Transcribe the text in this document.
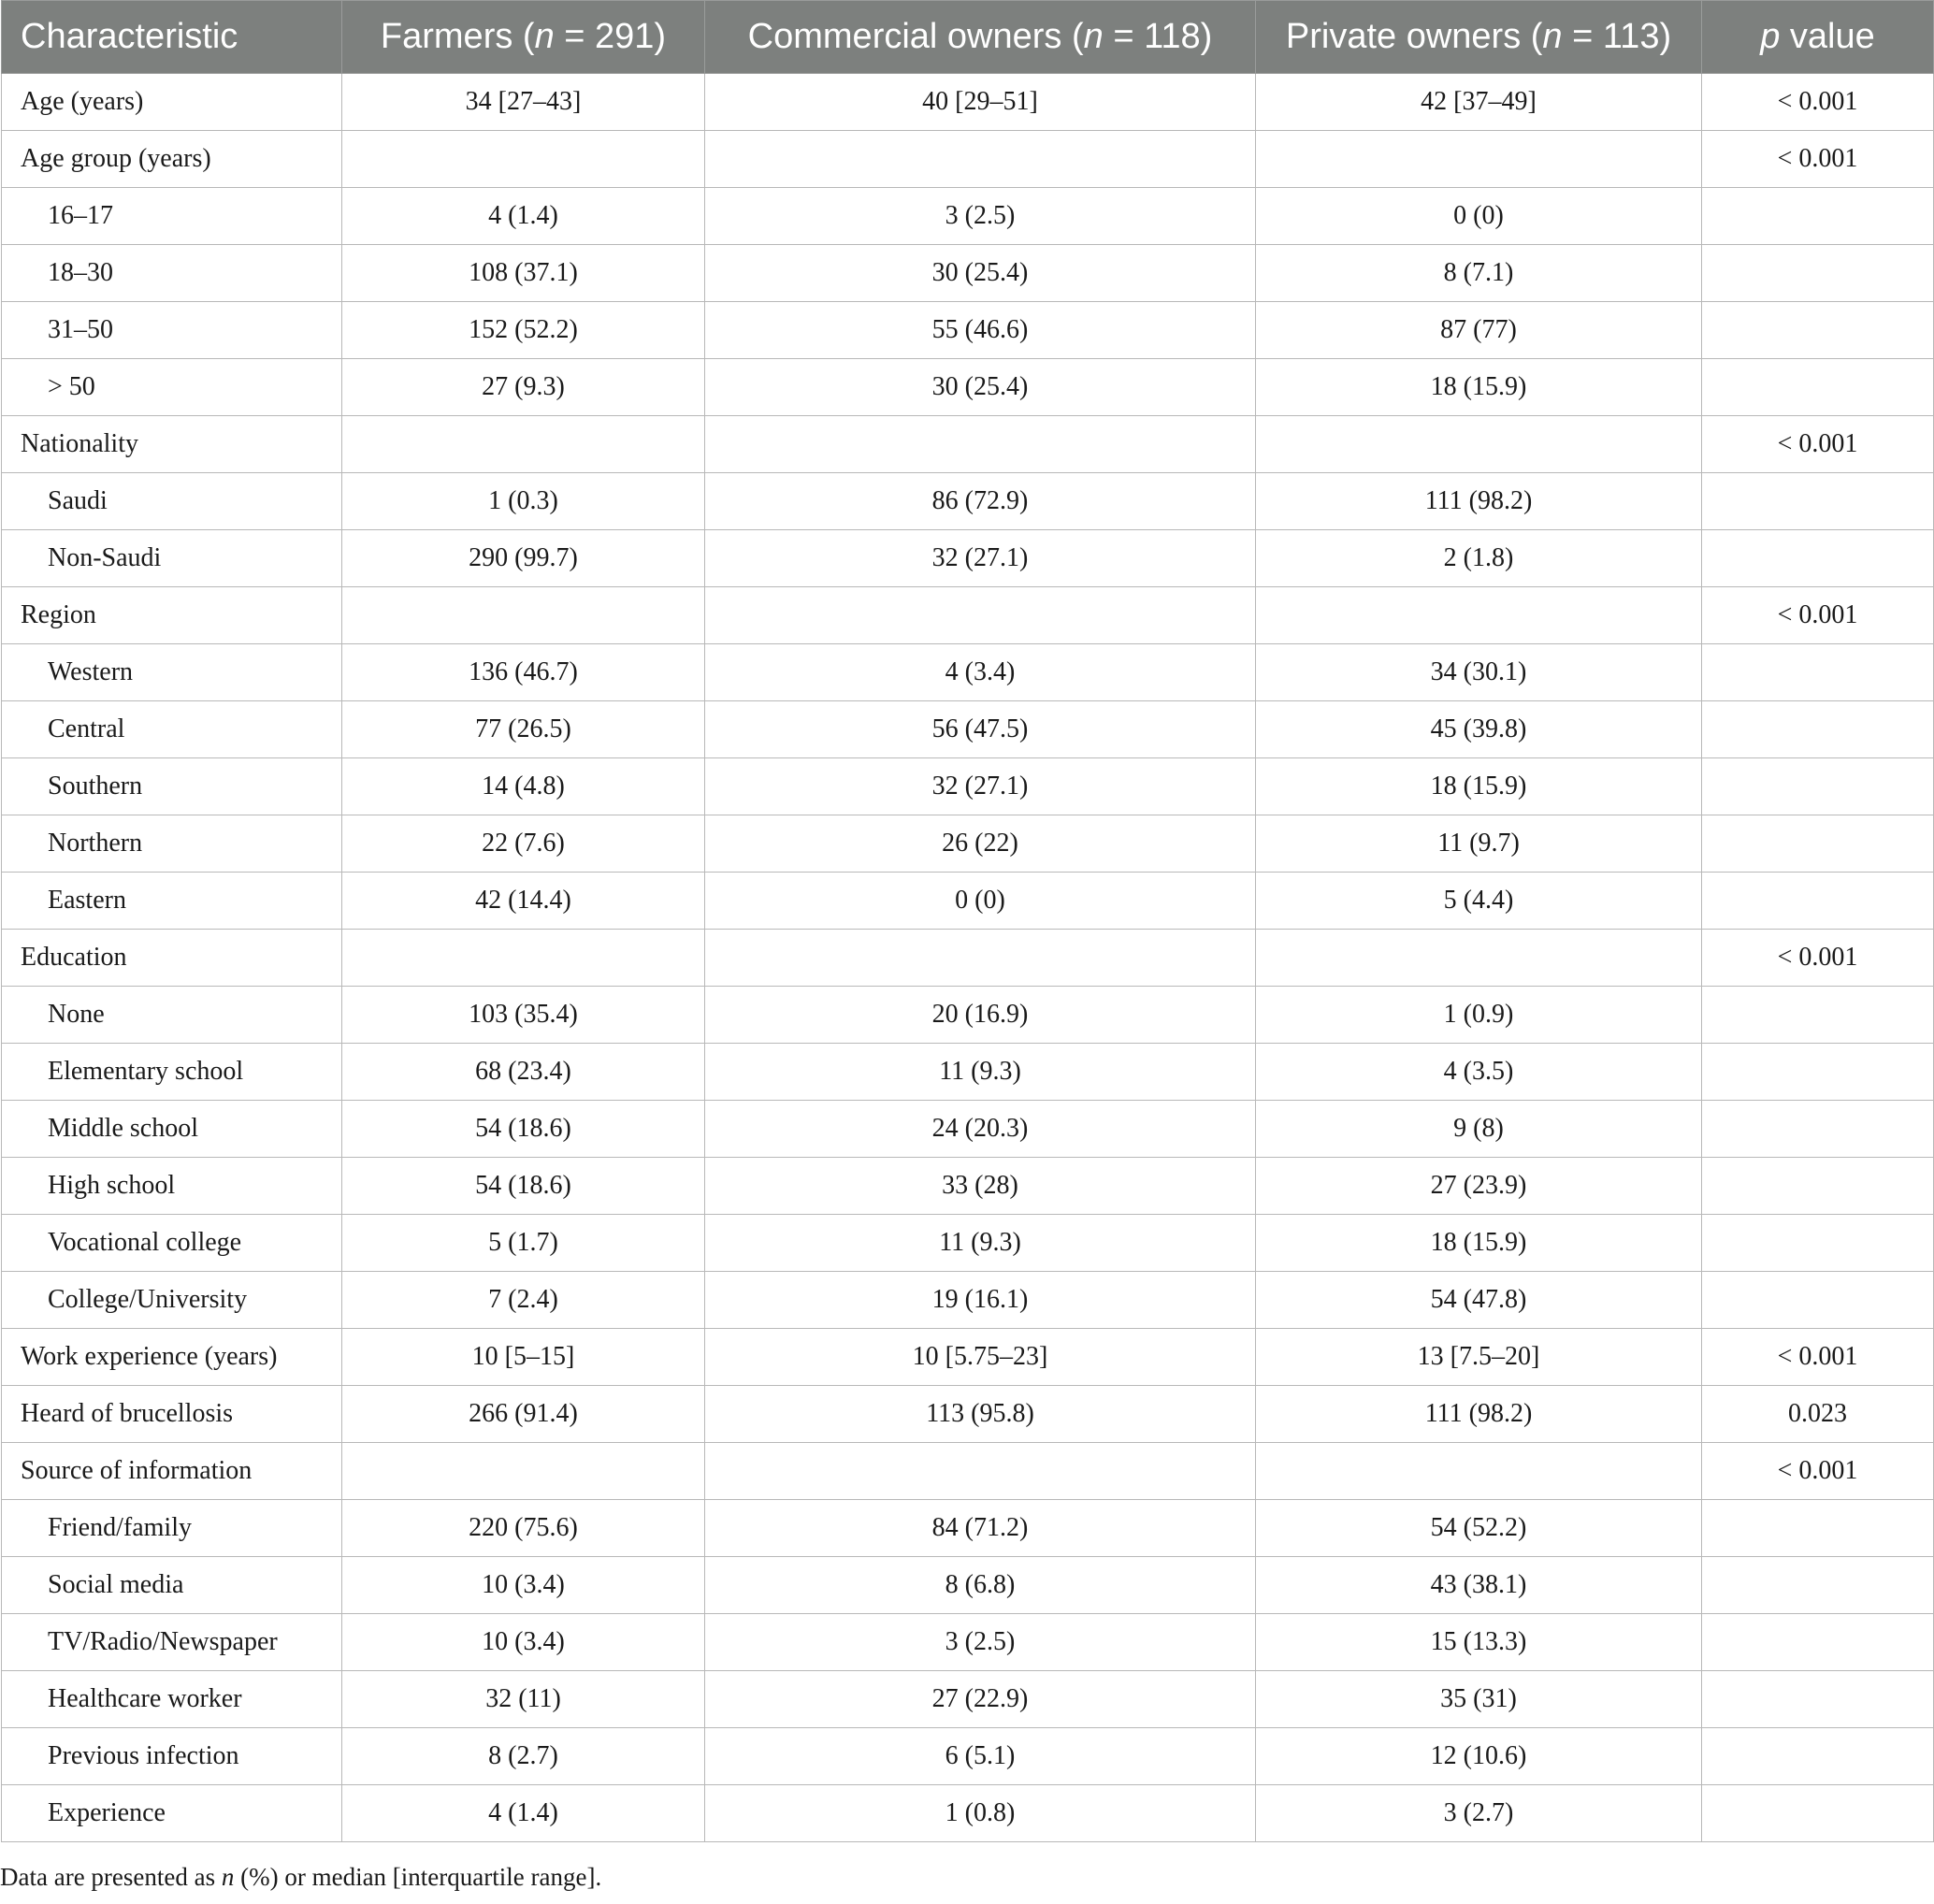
Characteristic	Farmers (n = 291)	Commercial owners (n = 118)	Private owners (n = 113)	p value
Age (years)	34 [27–43]	40 [29–51]	42 [37–49]	< 0.001
Age group (years)				< 0.001
16–17	4 (1.4)	3 (2.5)	0 (0)	
18–30	108 (37.1)	30 (25.4)	8 (7.1)	
31–50	152 (52.2)	55 (46.6)	87 (77)	
> 50	27 (9.3)	30 (25.4)	18 (15.9)	
Nationality				< 0.001
Saudi	1 (0.3)	86 (72.9)	111 (98.2)	
Non-Saudi	290 (99.7)	32 (27.1)	2 (1.8)	
Region				< 0.001
Western	136 (46.7)	4 (3.4)	34 (30.1)	
Central	77 (26.5)	56 (47.5)	45 (39.8)	
Southern	14 (4.8)	32 (27.1)	18 (15.9)	
Northern	22 (7.6)	26 (22)	11 (9.7)	
Eastern	42 (14.4)	0 (0)	5 (4.4)	
Education				< 0.001
None	103 (35.4)	20 (16.9)	1 (0.9)	
Elementary school	68 (23.4)	11 (9.3)	4 (3.5)	
Middle school	54 (18.6)	24 (20.3)	9 (8)	
High school	54 (18.6)	33 (28)	27 (23.9)	
Vocational college	5 (1.7)	11 (9.3)	18 (15.9)	
College/University	7 (2.4)	19 (16.1)	54 (47.8)	
Work experience (years)	10 [5–15]	10 [5.75–23]	13 [7.5–20]	< 0.001
Heard of brucellosis	266 (91.4)	113 (95.8)	111 (98.2)	0.023
Source of information				< 0.001
Friend/family	220 (75.6)	84 (71.2)	54 (52.2)	
Social media	10 (3.4)	8 (6.8)	43 (38.1)	
TV/Radio/Newspaper	10 (3.4)	3 (2.5)	15 (13.3)	
Healthcare worker	32 (11)	27 (22.9)	35 (31)	
Previous infection	8 (2.7)	6 (5.1)	12 (10.6)	
Experience	4 (1.4)	1 (0.8)	3 (2.7)	
Data are presented as n (%) or median [interquartile range].
